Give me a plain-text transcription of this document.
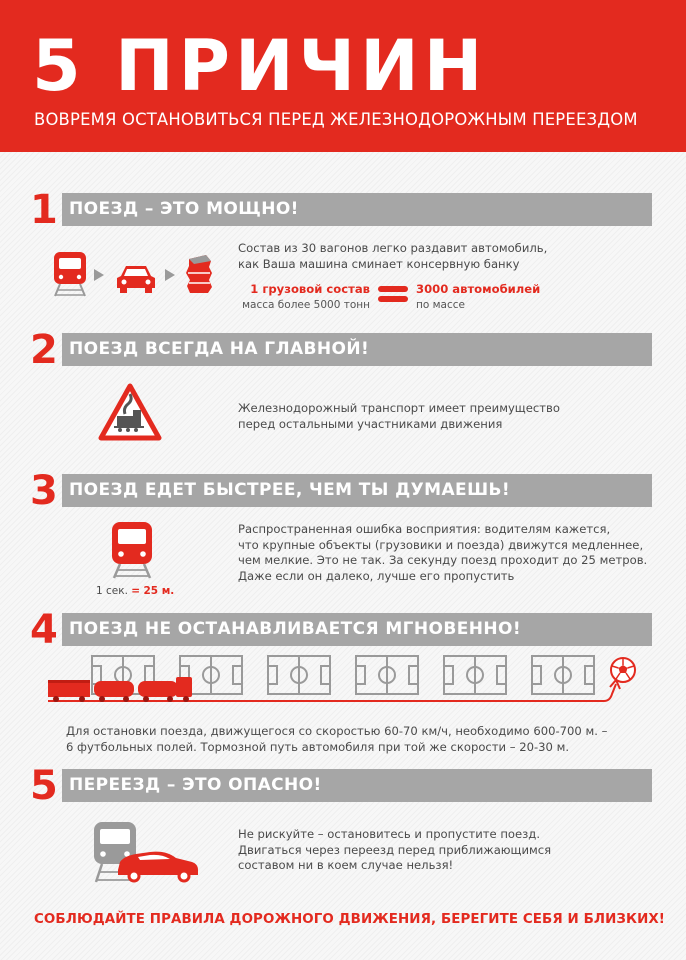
5 ПРИЧИН
ВОВРЕМЯ ОСТАНОВИТЬСЯ ПЕРЕД ЖЕЛЕЗНОДОРОЖНЫМ ПЕРЕЕЗДОМ
1 ПОЕЗД – ЭТО МОЩНО!
Состав из 30 вагонов легко раздавит автомобиль,
как Ваша машина сминает консервную банку
1 грузовой состав
масса более 5000 тонн
3000 автомобилей
по массе
2 ПОЕЗД ВСЕГДА НА ГЛАВНОЙ!
Железнодорожный транспорт имеет преимущество
перед остальными участниками движения
3 ПОЕЗД ЕДЕТ БЫСТРЕЕ, ЧЕМ ТЫ ДУМАЕШЬ!
1 сек. = 25 м.
Распространенная ошибка восприятия: водителям кажется,
что крупные объекты (грузовики и поезда) движутся медленнее,
чем мелкие. Это не так. За секунду поезд проходит до 25 метров.
Даже если он далеко, лучше его пропустить
4 ПОЕЗД НЕ ОСТАНАВЛИВАЕТСЯ МГНОВЕННО!
Для остановки поезда, движущегося со скоростью 60-70 км/ч, необходимо 600-700 м. –
6 футбольных полей. Тормозной путь автомобиля при той же скорости – 20-30 м.
5 ПЕРЕЕЗД – ЭТО ОПАСНО!
Не рискуйте – остановитесь и пропустите поезд.
Двигаться через переезд перед приближающимся
составом ни в коем случае нельзя!
СОБЛЮДАЙТЕ ПРАВИЛА ДОРОЖНОГО ДВИЖЕНИЯ, БЕРЕГИТЕ СЕБЯ И БЛИЗКИХ!
